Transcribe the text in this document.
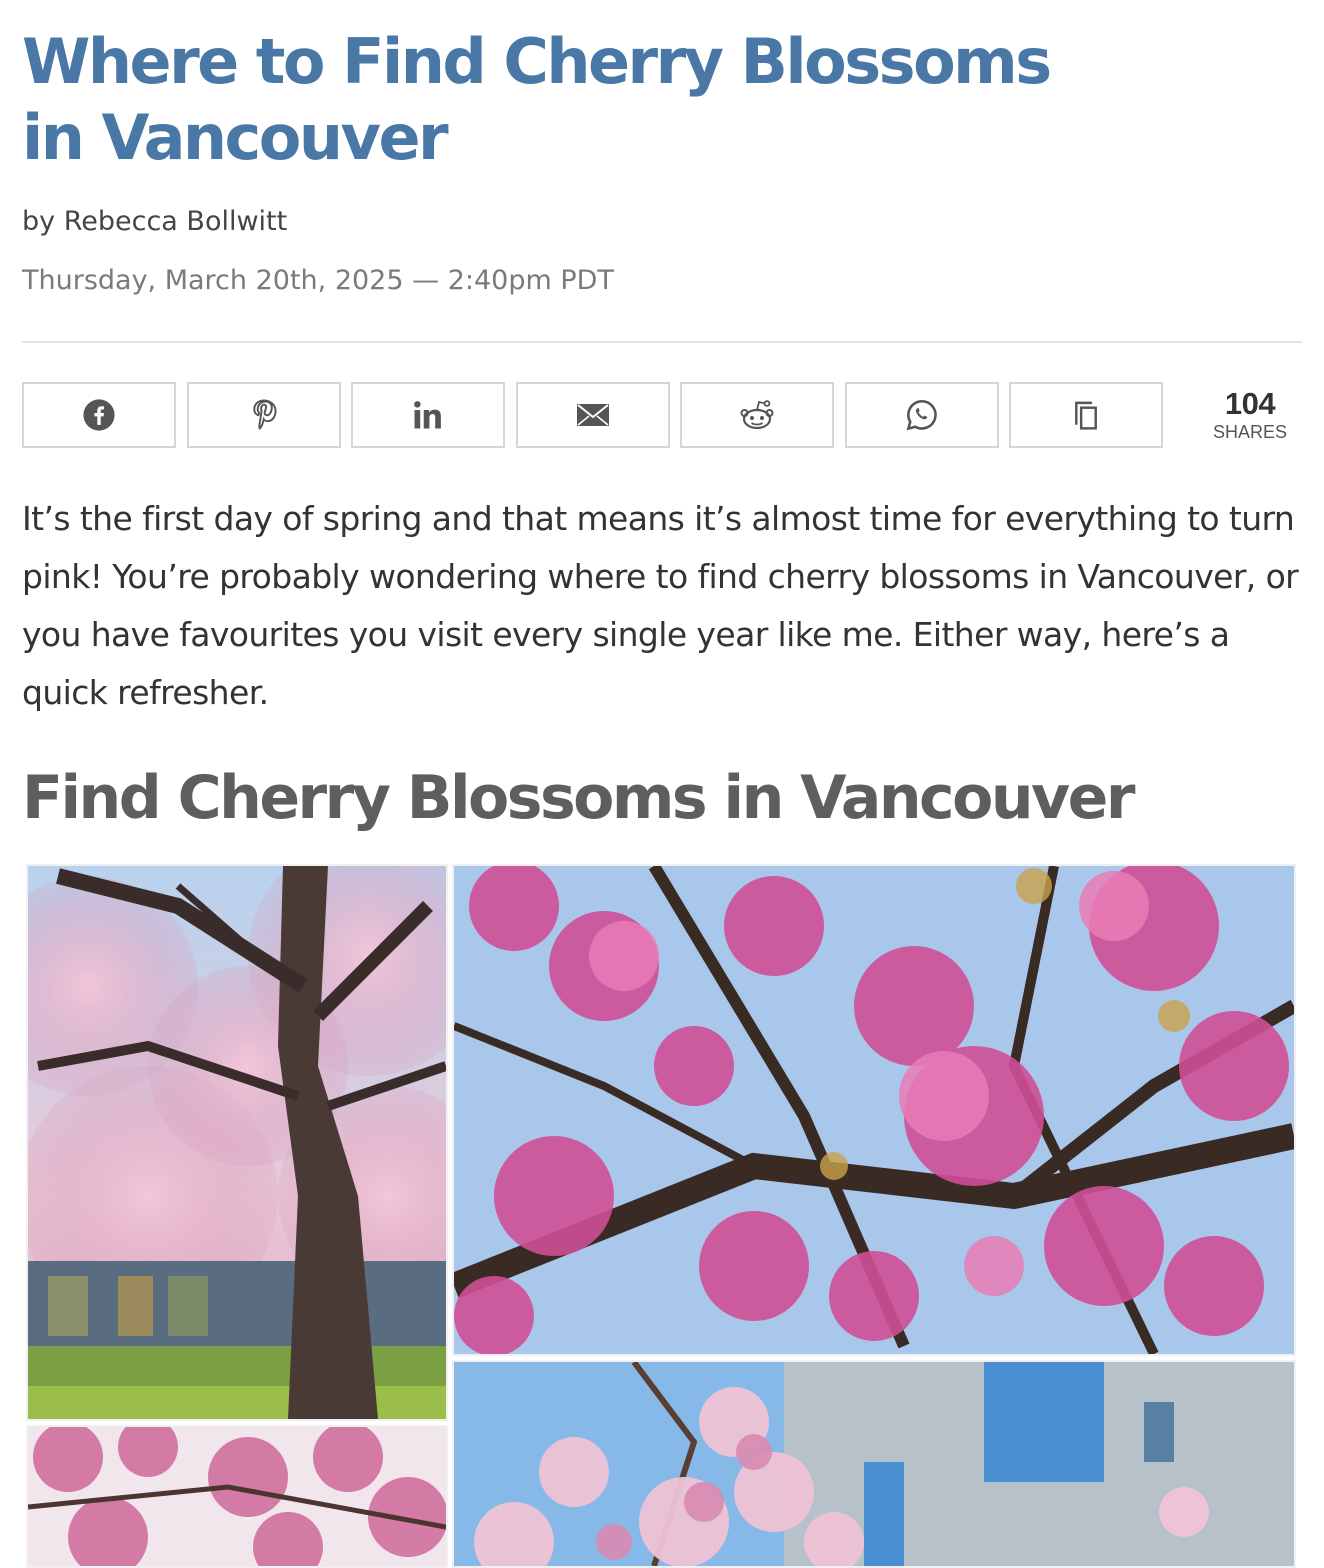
Where to Find Cherry Blossoms in Vancouver
by Rebecca Bollwitt
Thursday, March 20th, 2025 — 2:40pm PDT
104
SHARES

It’s the first day of spring and that means it’s almost time for everything to turn pink! You’re probably wondering where to find cherry blossoms in Vancouver, or you have favourites you visit every single year like me. Either way, here’s a quick refresher.

Find Cherry Blossoms in Vancouver
